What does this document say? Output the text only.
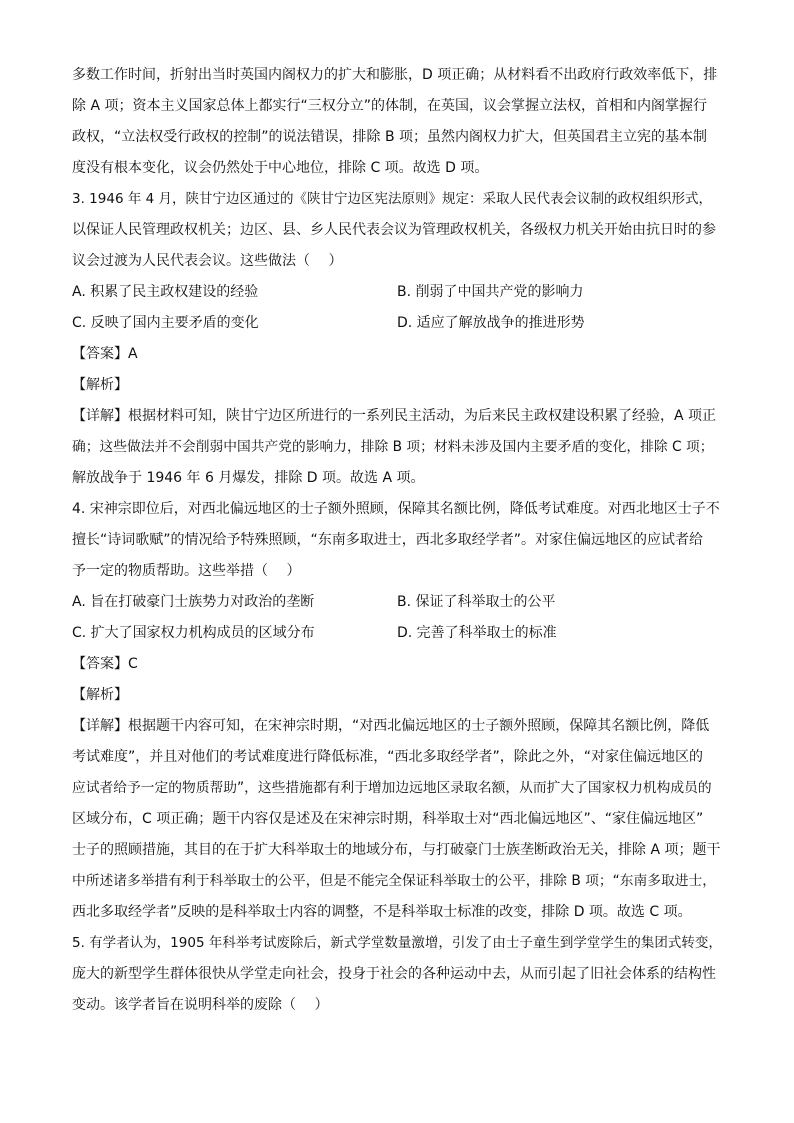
多数工作时间，折射出当时英国内阁权力的扩大和膨胀，D 项正确；从材料看不出政府行政效率低下，排
除 A 项；资本主义国家总体上都实行“三权分立”的体制，在英国，议会掌握立法权，首相和内阁掌握行
政权，“立法权受行政权的控制”的说法错误，排除 B 项；虽然内阁权力扩大，但英国君主立宪的基本制
度没有根本变化，议会仍然处于中心地位，排除 C 项。故选 D 项。
3. 1946 年 4 月，陕甘宁边区通过的《陕甘宁边区宪法原则》规定：采取人民代表会议制的政权组织形式，
以保证人民管理政权机关；边区、县、乡人民代表会议为管理政权机关，各级权力机关开始由抗日时的参
议会过渡为人民代表会议。这些做法（　 ）
A. 积累了民主政权建设的经验	B. 削弱了中国共产党的影响力
C. 反映了国内主要矛盾的变化	D. 适应了解放战争的推进形势
【答案】A
【解析】
【详解】根据材料可知，陕甘宁边区所进行的一系列民主活动，为后来民主政权建设积累了经验，A 项正
确；这些做法并不会削弱中国共产党的影响力，排除 B 项；材料未涉及国内主要矛盾的变化，排除 C 项；
解放战争于 1946 年 6 月爆发，排除 D 项。故选 A 项。
4. 宋神宗即位后，对西北偏远地区的士子额外照顾，保障其名额比例，降低考试难度。对西北地区士子不
擅长“诗词歌赋”的情况给予特殊照顾，“东南多取进士，西北多取经学者”。对家住偏远地区的应试者给
予一定的物质帮助。这些举措（　 ）
A. 旨在打破豪门士族势力对政治的垄断	B. 保证了科举取士的公平
C. 扩大了国家权力机构成员的区域分布	D. 完善了科举取士的标准
【答案】C
【解析】
【详解】根据题干内容可知，在宋神宗时期，“对西北偏远地区的士子额外照顾，保障其名额比例，降低
考试难度”，并且对他们的考试难度进行降低标准，“西北多取经学者”，除此之外，“对家住偏远地区的
应试者给予一定的物质帮助”，这些措施都有利于增加边远地区录取名额，从而扩大了国家权力机构成员的
区域分布，C 项正确；题干内容仅是述及在宋神宗时期，科举取士对“西北偏远地区”、“家住偏远地区”
士子的照顾措施，其目的在于扩大科举取士的地域分布，与打破豪门士族垄断政治无关，排除 A 项；题干
中所述诸多举措有利于科举取士的公平，但是不能完全保证科举取士的公平，排除 B 项；“东南多取进士，
西北多取经学者”反映的是科举取士内容的调整，不是科举取士标准的改变，排除 D 项。故选 C 项。
5. 有学者认为，1905 年科举考试废除后，新式学堂数量激增，引发了由士子童生到学堂学生的集团式转变，
庞大的新型学生群体很快从学堂走向社会，投身于社会的各种运动中去，从而引起了旧社会体系的结构性
变动。该学者旨在说明科举的废除（　 ）
